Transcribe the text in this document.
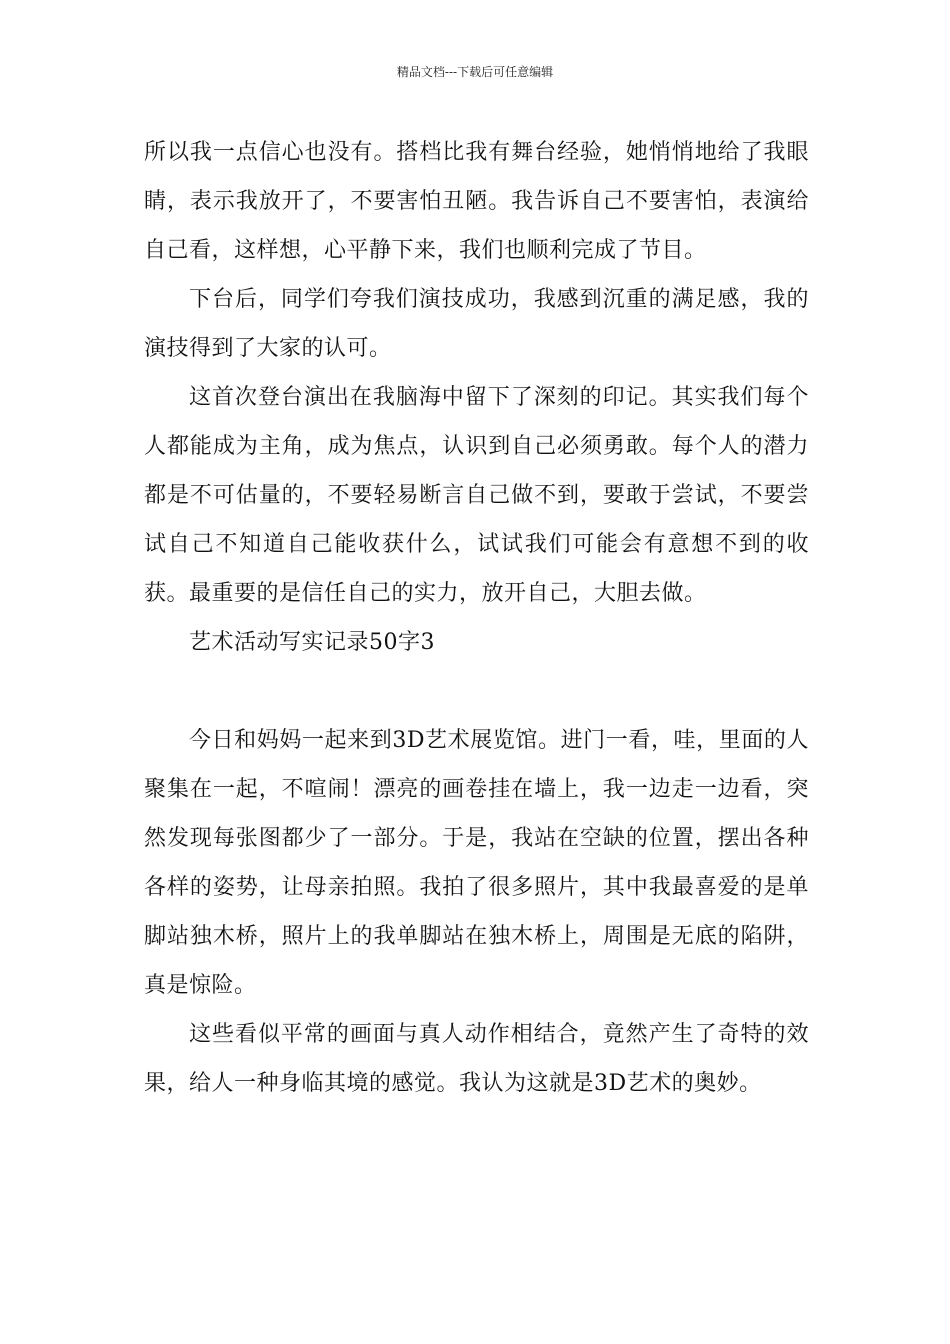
精品文档---下载后可任意编辑

所以我一点信心也没有。搭档比我有舞台经验，她悄悄地给了我眼睛，表示我放开了，不要害怕丑陋。我告诉自己不要害怕，表演给自己看，这样想，心平静下来，我们也顺利完成了节目。

下台后，同学们夸我们演技成功，我感到沉重的满足感，我的演技得到了大家的认可。

这首次登台演出在我脑海中留下了深刻的印记。其实我们每个人都能成为主角，成为焦点，认识到自己必须勇敢。每个人的潜力都是不可估量的，不要轻易断言自己做不到，要敢于尝试，不要尝试自己不知道自己能收获什么，试试我们可能会有意想不到的收获。最重要的是信任自己的实力，放开自己，大胆去做。

艺术活动写实记录50字3

今日和妈妈一起来到3D艺术展览馆。进门一看，哇，里面的人聚集在一起，不喧闹！漂亮的画卷挂在墙上，我一边走一边看，突然发现每张图都少了一部分。于是，我站在空缺的位置，摆出各种各样的姿势，让母亲拍照。我拍了很多照片，其中我最喜爱的是单脚站独木桥，照片上的我单脚站在独木桥上，周围是无底的陷阱，真是惊险。

这些看似平常的画面与真人动作相结合，竟然产生了奇特的效果，给人一种身临其境的感觉。我认为这就是3D艺术的奥妙。
